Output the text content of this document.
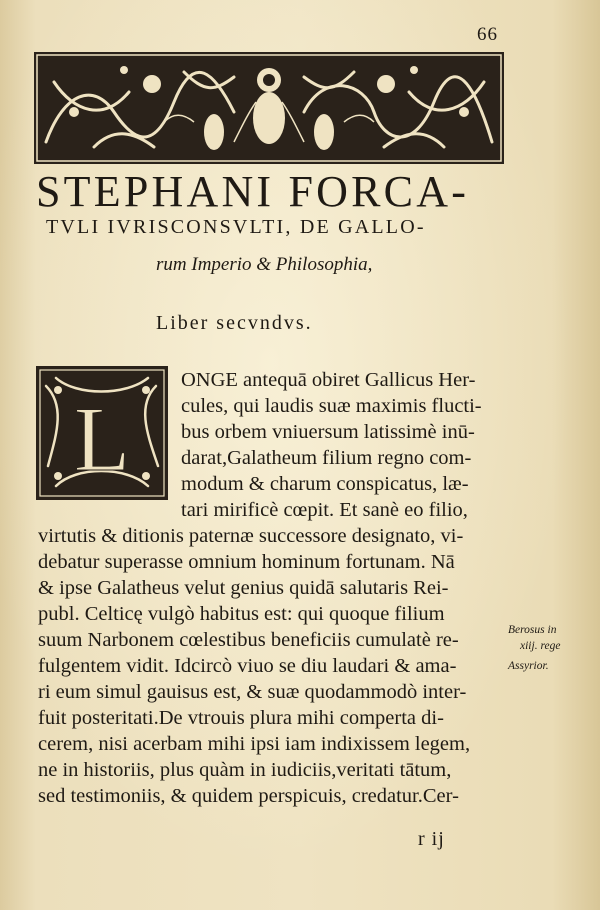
66
STEPHANI FORCA-
TVLI IVRISCONSVLTI, DE GALLO-
rum Imperio & Philosophia,
Liber secvndvs.
L
ONGE antequā obiret Gallicus Her-
cules, qui laudis suæ maximis flucti-
bus orbem vniuersum latissimè inū-
darat,Galatheum filium regno com-
modum & charum conspicatus, læ-
tari mirificè cœpit. Et sanè eo filio,
virtutis & ditionis paternæ successore designato, vi-
debatur superasse omnium hominum fortunam. Nā
& ipse Galatheus velut genius quidā salutaris Rei-
publ. Celticę vulgò habitus est: qui quoque filium
suum Narbonem cœlestibus beneficiis cumulatè re-
fulgentem vidit. Idcircò viuo se diu laudari & ama-
ri eum simul gauisus est, & suæ quodammodò inter-
fuit posteritati.De vtrouis plura mihi comperta di-
cerem, nisi acerbam mihi ipsi iam indixissem legem,
ne in historiis, plus quàm in iudiciis,veritati tātum,
sed testimoniis, & quidem perspicuis, credatur.Cer-
Berosus in
xiij. rege
Assyrior.
r ij
